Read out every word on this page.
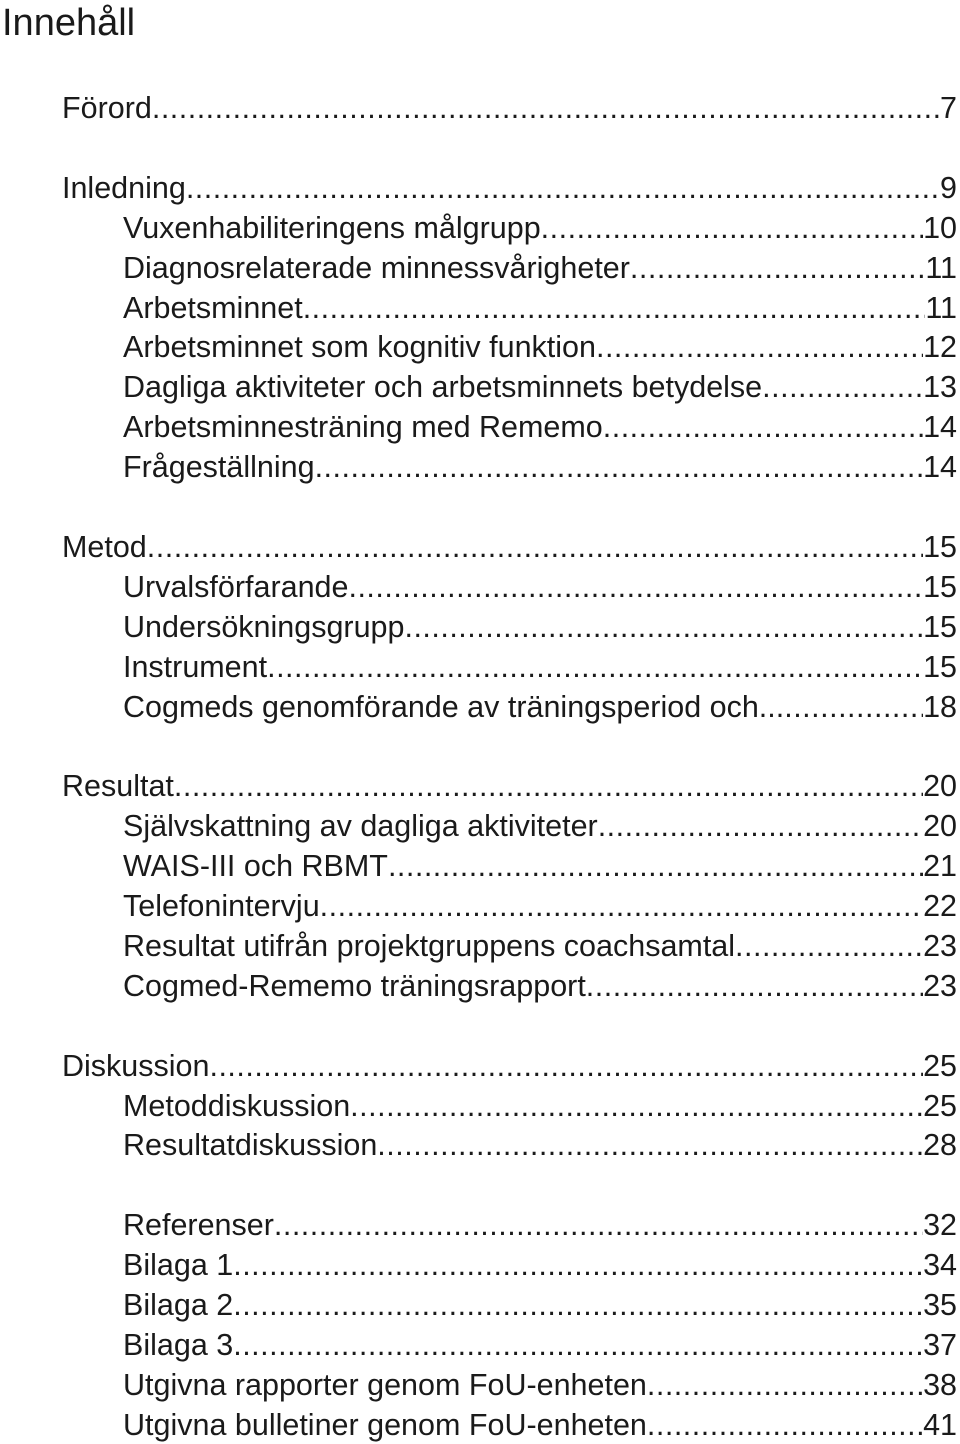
Innehåll
Förord .....	7
Inledning .....	9
Vuxenhabiliteringens målgrupp .....	10
Diagnosrelaterade minnessvårigheter .....	11
Arbetsminnet .....	11
Arbetsminnet som kognitiv funktion .....	12
Dagliga aktiviteter och arbetsminnets betydelse .....	13
Arbetsminnesträning med Rememo .....	14
Frågeställning .....	14
Metod .....	15
Urvalsförfarande .....	15
Undersökningsgrupp .....	15
Instrument .....	15
Cogmeds genomförande av träningsperiod och... .....	18
Resultat .....	20
Självskattning av dagliga aktiviteter .....	20
WAIS-III och RBMT .....	21
Telefonintervju .....	22
Resultat utifrån projektgruppens coachsamtal .....	23
Cogmed-Rememo träningsrapport .....	23
Diskussion .....	25
Metoddiskussion .....	25
Resultatdiskussion .....	28
Referenser .....	32
Bilaga 1 .....	34
Bilaga 2 .....	35
Bilaga 3 .....	37
Utgivna rapporter genom FoU-enheten .....	38
Utgivna bulletiner genom FoU-enheten .....	41
